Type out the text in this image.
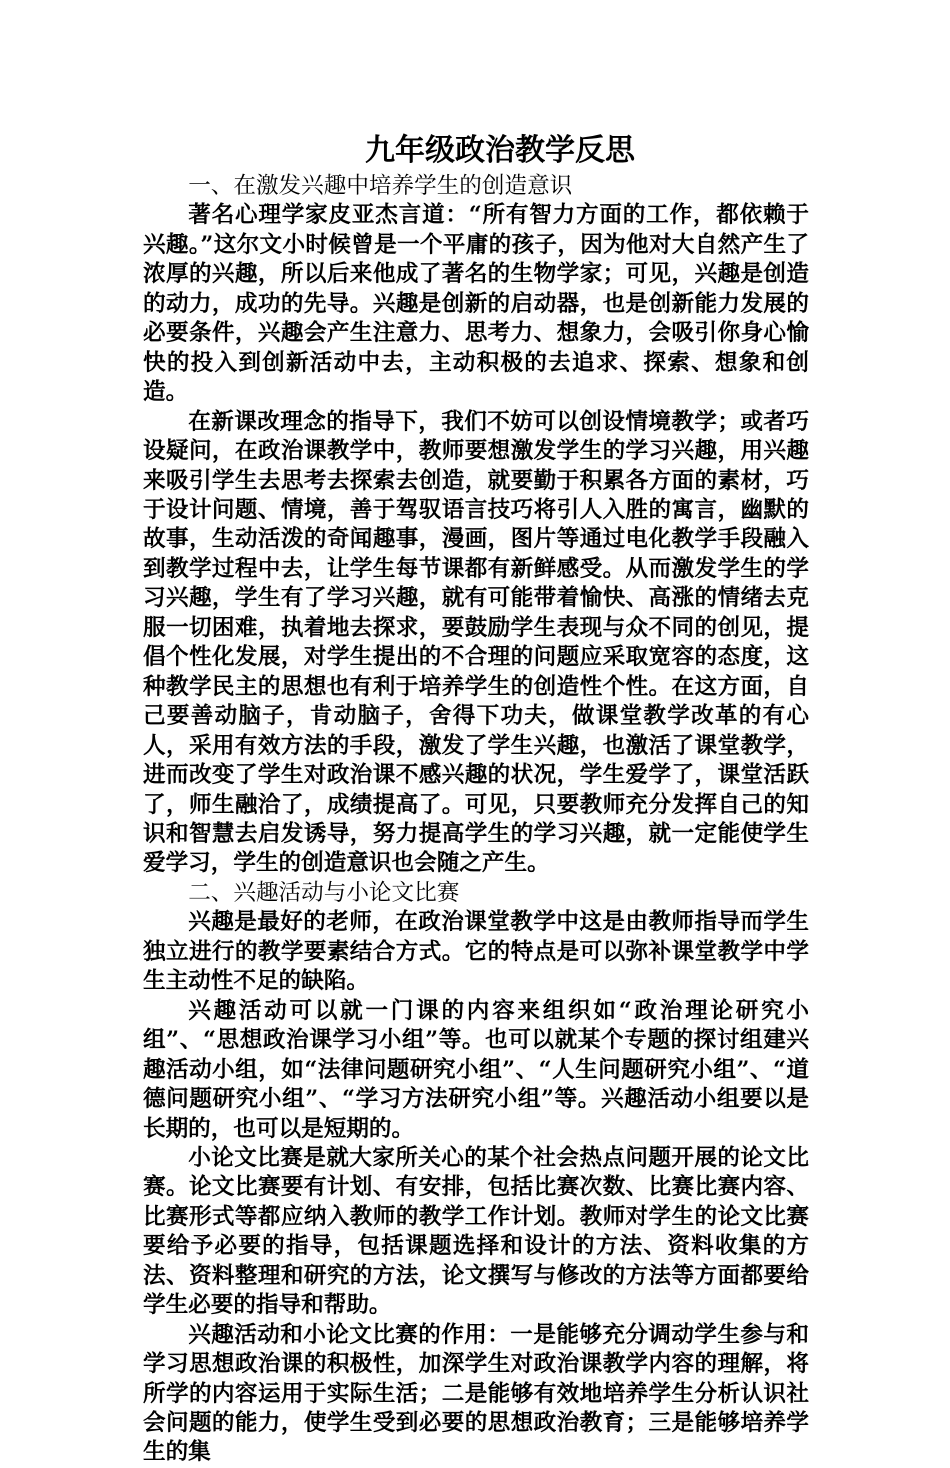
九年级政治教学反思

一、在激发兴趣中培养学生的创造意识

著名心理学家皮亚杰言道：“所有智力方面的工作，都依赖于兴趣。”这尔文小时候曾是一个平庸的孩子，因为他对大自然产生了浓厚的兴趣，所以后来他成了著名的生物学家；可见，兴趣是创造的动力，成功的先导。兴趣是创新的启动器，也是创新能力发展的必要条件，兴趣会产生注意力、思考力、想象力，会吸引你身心愉快的投入到创新活动中去，主动积极的去追求、探索、想象和创造。

在新课改理念的指导下，我们不妨可以创设情境教学；或者巧设疑问，在政治课教学中，教师要想激发学生的学习兴趣，用兴趣来吸引学生去思考去探索去创造，就要勤于积累各方面的素材，巧于设计问题、情境，善于驾驭语言技巧将引人入胜的寓言，幽默的故事，生动活泼的奇闻趣事，漫画，图片等通过电化教学手段融入到教学过程中去，让学生每节课都有新鲜感受。从而激发学生的学习兴趣，学生有了学习兴趣，就有可能带着愉快、高涨的情绪去克服一切困难，执着地去探求，要鼓励学生表现与众不同的创见，提倡个性化发展，对学生提出的不合理的问题应采取宽容的态度，这种教学民主的思想也有利于培养学生的创造性个性。在这方面，自己要善动脑子，肯动脑子，舍得下功夫，做课堂教学改革的有心人，采用有效方法的手段，激发了学生兴趣，也激活了课堂教学，进而改变了学生对政治课不感兴趣的状况，学生爱学了，课堂活跃了，师生融洽了，成绩提高了。可见，只要教师充分发挥自己的知识和智慧去启发诱导，努力提高学生的学习兴趣，就一定能使学生爱学习，学生的创造意识也会随之产生。

二、兴趣活动与小论文比赛

兴趣是最好的老师，在政治课堂教学中这是由教师指导而学生独立进行的教学要素结合方式。它的特点是可以弥补课堂教学中学生主动性不足的缺陷。

兴趣活动可以就一门课的内容来组织如“政治理论研究小组”、“思想政治课学习小组”等。也可以就某个专题的探讨组建兴趣活动小组，如“法律问题研究小组”、“人生问题研究小组”、“道德问题研究小组”、“学习方法研究小组”等。兴趣活动小组要以是长期的，也可以是短期的。

小论文比赛是就大家所关心的某个社会热点问题开展的论文比赛。论文比赛要有计划、有安排，包括比赛次数、比赛比赛内容、比赛形式等都应纳入教师的教学工作计划。教师对学生的论文比赛要给予必要的指导，包括课题选择和设计的方法、资料收集的方法、资料整理和研究的方法，论文撰写与修改的方法等方面都要给学生必要的指导和帮助。

兴趣活动和小论文比赛的作用：一是能够充分调动学生参与和学习思想政治课的积极性，加深学生对政治课教学内容的理解，将所学的内容运用于实际生活；二是能够有效地培养学生分析认识社会问题的能力，使学生受到必要的思想政治教育；三是能够培养学生的集
